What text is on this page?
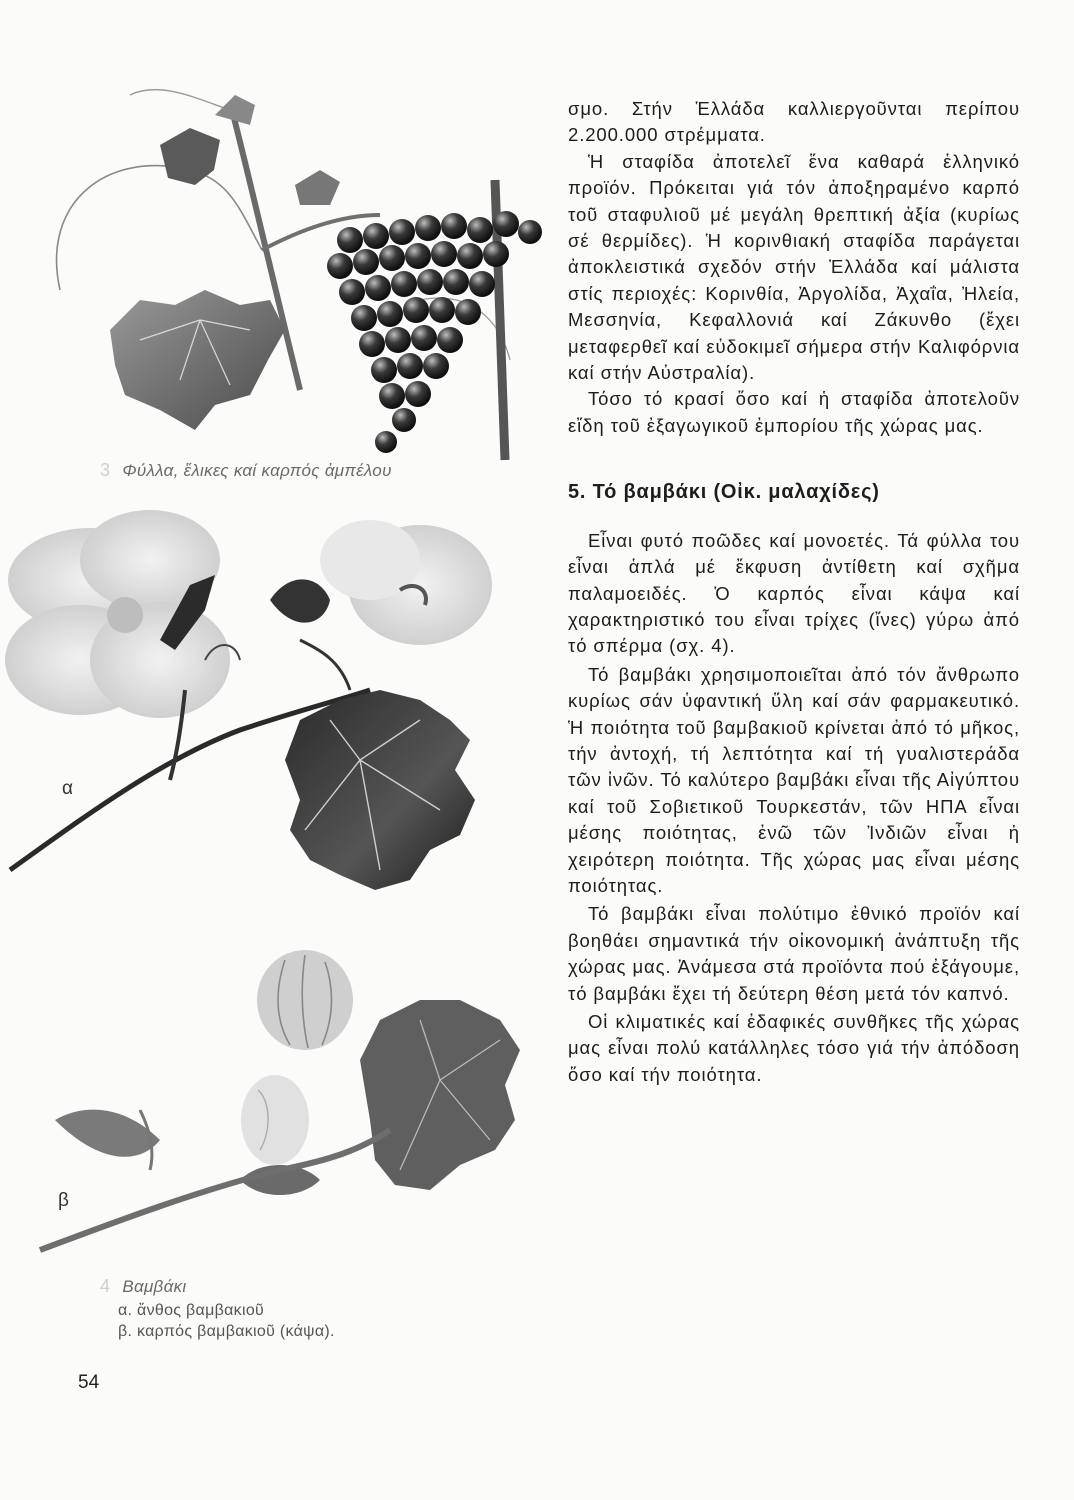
3 Φύλλα, ἕλικες καί καρπός ἀμπέλου
α
β
4 Βαμβάκι
α. ἄνθος βαμβακιοῦ
β. καρπός βαμβακιοῦ (κάψα).

σμο. Στήν Ἑλλάδα καλλιεργοῦνται περίπου 2.200.000 στρέμματα.

Ἡ σταφίδα ἀποτελεῖ ἕνα καθαρά ἑλληνικό προϊόν. Πρόκειται γιά τόν ἀποξηραμένο καρπό τοῦ σταφυλιοῦ μέ μεγάλη θρεπτική ἀξία (κυρίως σέ θερμίδες). Ἡ κορινθιακή σταφίδα παράγεται ἀποκλειστικά σχεδόν στήν Ἑλλάδα καί μάλιστα στίς περιοχές: Κορινθία, Ἀργολίδα, Ἀχαΐα, Ἠλεία, Μεσσηνία, Κεφαλλονιά καί Ζάκυνθο (ἔχει μεταφερθεῖ καί εὐδοκιμεῖ σήμερα στήν Καλιφόρνια καί στήν Αὐστραλία).

Τόσο τό κρασί ὅσο καί ἡ σταφίδα ἀποτελοῦν εἴδη τοῦ ἐξαγωγικοῦ ἐμπορίου τῆς χώρας μας.

5. Τό βαμβάκι (Οἰκ. μαλαχίδες)

Εἶναι φυτό ποῶδες καί μονοετές. Τά φύλλα του εἶναι ἁπλά μέ ἔκφυση ἀντίθετη καί σχῆμα παλαμοειδές. Ὁ καρπός εἶναι κάψα καί χαρακτηριστικό του εἶναι τρίχες (ἴνες) γύρω ἀπό τό σπέρμα (σχ. 4).

Τό βαμβάκι χρησιμοποιεῖται ἀπό τόν ἄνθρωπο κυρίως σάν ὑφαντική ὕλη καί σάν φαρμακευτικό. Ἡ ποιότητα τοῦ βαμβακιοῦ κρίνεται ἀπό τό μῆκος, τήν ἀντοχή, τή λεπτότητα καί τή γυαλιστεράδα τῶν ἰνῶν. Τό καλύτερο βαμβάκι εἶναι τῆς Αἰγύπτου καί τοῦ Σοβιετικοῦ Τουρκεστάν, τῶν ΗΠΑ εἶναι μέσης ποιότητας, ἐνῶ τῶν Ἰνδιῶν εἶναι ἡ χειρότερη ποιότητα. Τῆς χώρας μας εἶναι μέσης ποιότητας.

Τό βαμβάκι εἶναι πολύτιμο ἐθνικό προϊόν καί βοηθάει σημαντικά τήν οἰκονομική ἀνάπτυξη τῆς χώρας μας. Ἀνάμεσα στά προϊόντα πού ἐξάγουμε, τό βαμβάκι ἔχει τή δεύτερη θέση μετά τόν καπνό.

Οἱ κλιματικές καί ἐδαφικές συνθῆκες τῆς χώρας μας εἶναι πολύ κατάλληλες τόσο γιά τήν ἀπόδοση ὅσο καί τήν ποιότητα.

54
